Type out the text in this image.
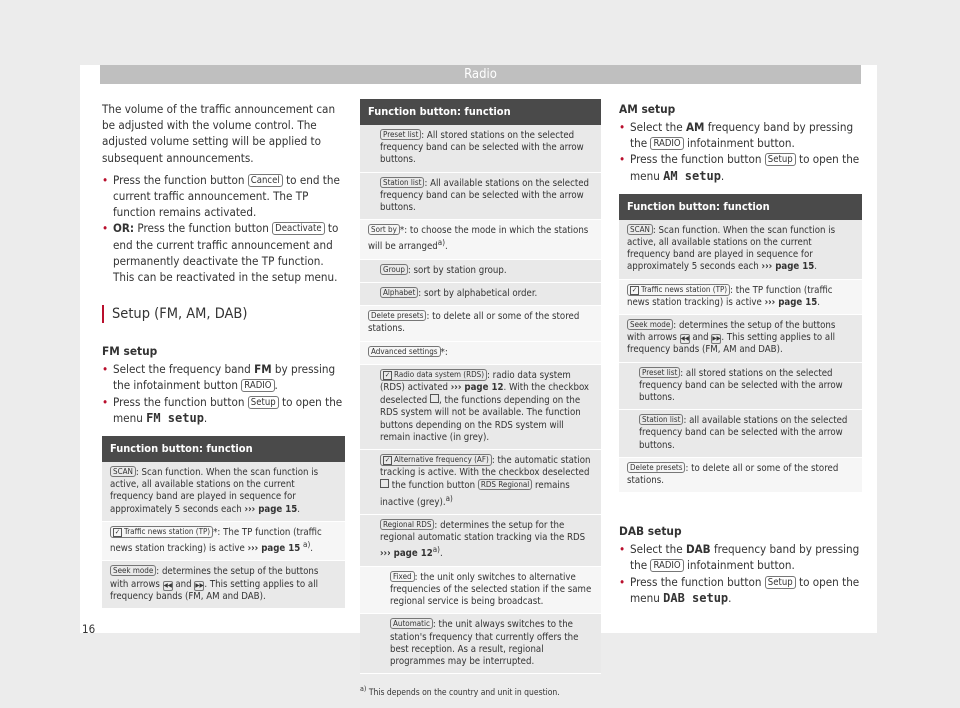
Radio

The volume of the traffic announcement can be adjusted with the volume control. The adjusted volume setting will be applied to subsequent announcements.

• Press the function button Cancel to end the current traffic announcement. The TP function remains activated.

• OR: Press the function button Deactivate to end the current traffic announcement and permanently deactivate the TP function. This can be reactivated in the setup menu.

Setup (FM, AM, DAB)
FM setup

• Select the frequency band FM by pressing the infotainment button RADIO .

• Press the function button Setup to open the menu FM setup.

Function button: function
SCAN : Scan function. When the scan function is active, all available stations on the current frequency band are played in sequence for approximately 5 seconds each ››› page 15.
✓ Traffic news station (TP) *: The TP function (traffic news station tracking) is active ››› page 15 $^{a)}$.
Seek mode : determines the setup of the buttons with arrows ◀◀ and ▶▶. This setting applies to all frequency bands (FM, AM and DAB).
Function button: function
Preset list : All stored stations on the selected frequency band can be selected with the arrow buttons.
Station list : All available stations on the selected frequency band can be selected with the arrow buttons.
Sort by *: to choose the mode in which the stations will be arranged$^{a)}$.
Group : sort by station group.
Alphabet : sort by alphabetical order.
Delete presets : to delete all or some of the stored stations.
Advanced settings *:
✓ Radio data system (RDS) : radio data system (RDS) activated ››› page 12. With the checkbox deselected , the functions depending on the RDS system will not be available. The function buttons depending on the RDS system will remain inactive (in grey).
✓ Alternative frequency (AF) : the automatic station tracking is active. With the checkbox deselected  the function button RDS Regional remains inactive (grey).$^{a)}$
Regional RDS : determines the setup for the regional automatic station tracking via the RDS ››› page 12$^{a)}$.
Fixed : the unit only switches to alternative frequencies of the selected station if the same regional service is being broadcast.
Automatic : the unit always switches to the station's frequency that currently offers the best reception. As a result, regional programmes may be interrupted.
$^{a)}$ This depends on the country and unit in question.
AM setup

• Select the AM frequency band by pressing the RADIO infotainment button.

• Press the function button Setup to open the menu AM setup.

Function button: function
SCAN : Scan function. When the scan function is active, all available stations on the current frequency band are played in sequence for approximately 5 seconds each ››› page 15.
✓ Traffic news station (TP) : the TP function (traffic news station tracking) is active ››› page 15.
Seek mode : determines the setup of the buttons with arrows ◀◀ and ▶▶. This setting applies to all frequency bands (FM, AM and DAB).
Preset list : all stored stations on the selected frequency band can be selected with the arrow buttons.
Station list : all available stations on the selected frequency band can be selected with the arrow buttons.
Delete presets : to delete all or some of the stored stations.
DAB setup

• Select the DAB frequency band by pressing the RADIO infotainment button.

• Press the function button Setup to open the menu DAB setup.

16
